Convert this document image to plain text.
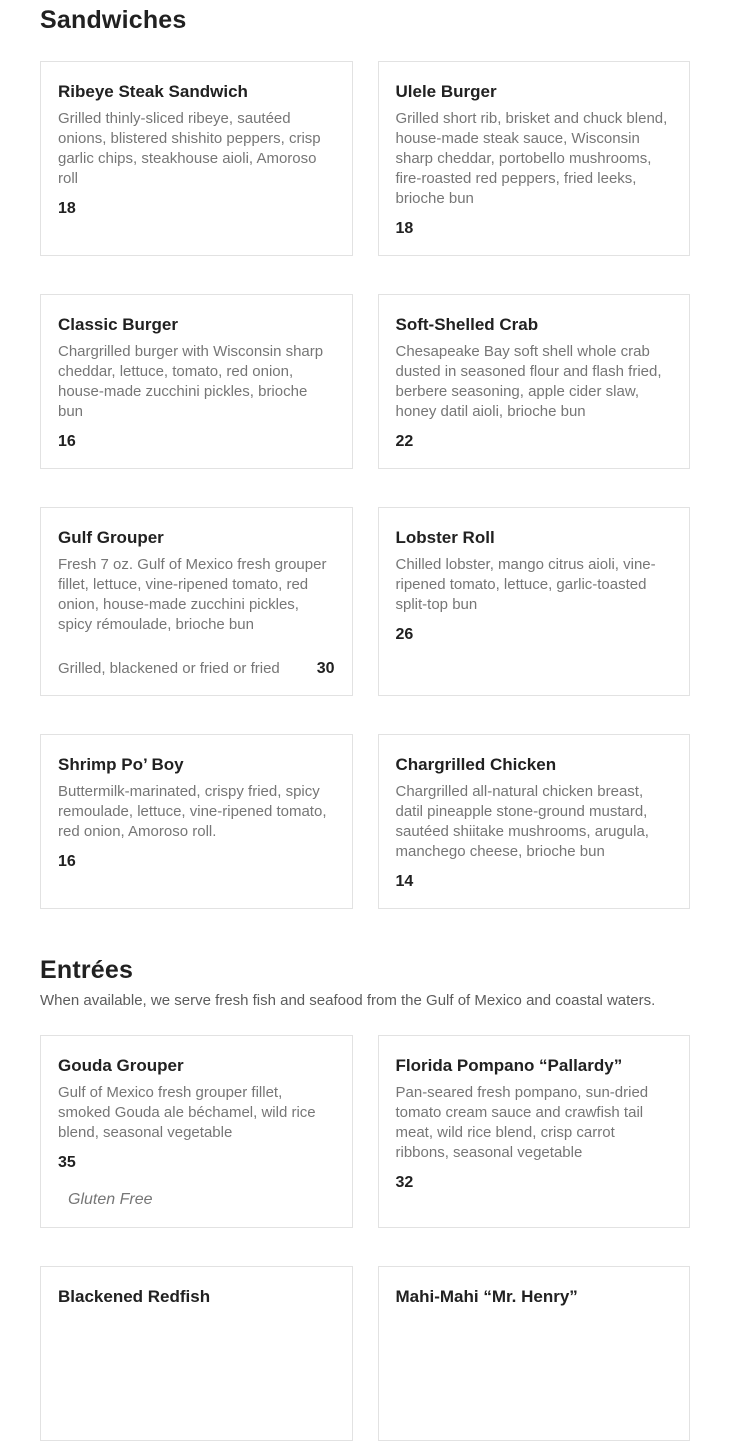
Sandwiches
Ribeye Steak Sandwich

Grilled thinly-sliced ribeye, sautéed onions, blistered shishito peppers, crisp garlic chips, steakhouse aioli, Amoroso roll

18
Ulele Burger

Grilled short rib, brisket and chuck blend, house-made steak sauce, Wisconsin sharp cheddar, portobello mushrooms, fire-roasted red peppers, fried leeks, brioche bun

18
Classic Burger

Chargrilled burger with Wisconsin sharp cheddar, lettuce, tomato, red onion, house-made zucchini pickles, brioche bun

16
Soft-Shelled Crab

Chesapeake Bay soft shell whole crab dusted in seasoned flour and flash fried, berbere seasoning, apple cider slaw, honey datil aioli, brioche bun

22
Gulf Grouper

Fresh 7 oz. Gulf of Mexico fresh grouper fillet, lettuce, vine-ripened tomato, red onion, house-made zucchini pickles, spicy rémoulade, brioche bun

Grilled, blackened or fried or fried 30
Lobster Roll

Chilled lobster, mango citrus aioli, vine-ripened tomato, lettuce, garlic-toasted split-top bun

26
Shrimp Po’ Boy

Buttermilk-marinated, crispy fried, spicy remoulade, lettuce, vine-ripened tomato, red onion, Amoroso roll.

16
Chargrilled Chicken

Chargrilled all-natural chicken breast, datil pineapple stone-ground mustard, sautéed shiitake mushrooms, arugula, manchego cheese, brioche bun

14
Entrées

When available, we serve fresh fish and seafood from the Gulf of Mexico and coastal waters.

Gouda Grouper

Gulf of Mexico fresh grouper fillet, smoked Gouda ale béchamel, wild rice blend, seasonal vegetable

35
Gluten Free
Florida Pompano “Pallardy”

Pan-seared fresh pompano, sun-dried tomato cream sauce and crawfish tail meat, wild rice blend, crisp carrot ribbons, seasonal vegetable

32
Blackened Redfish	Mahi-Mahi “Mr. Henry”
